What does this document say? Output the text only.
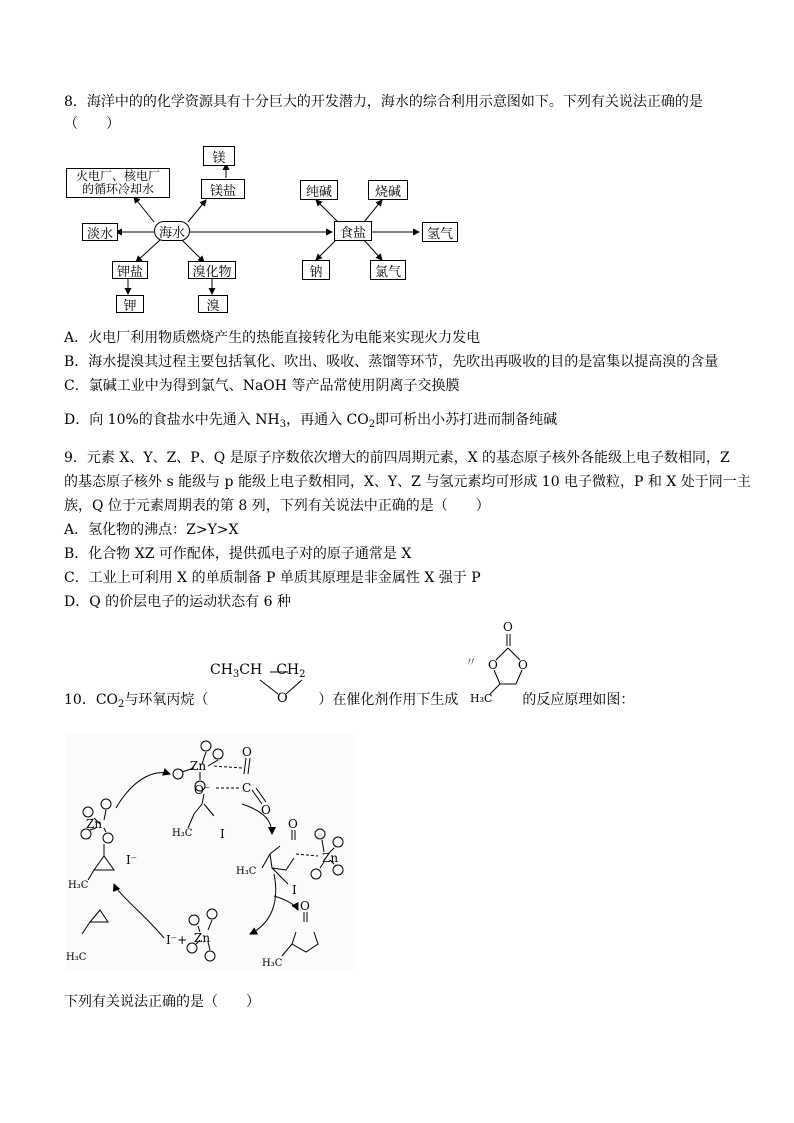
8．海洋中的的化学资源具有十分巨大的开发潜力，海水的综合利用示意图如下。下列有关说法正确的是
（　　）
镁
火电厂、核电厂
的循环冷却水	镁盐
海水
淡水
钾盐	溴化物
钾	溴
食盐
纯碱	烧碱
氢气
钠	氯气
A．火电厂利用物质燃烧产生的热能直接转化为电能来实现火力发电
B．海水提溴其过程主要包括氧化、吹出、吸收、蒸馏等环节，先吹出再吸收的目的是富集以提高溴的含量
C．氯碱工业中为得到氯气、NaOH 等产品常使用阴离子交换膜
D．向 10%的食盐水中先通入 $NH_3$，再通入 $CO_2$即可析出小苏打进而制备纯碱
9．元素 X、Y、Z、P、Q 是原子序数依次增大的前四周期元素，X 的基态原子核外各能级上电子数相同，Z
的基态原子核外 s 能级与 p 能级上电子数相同，X、Y、Z 与氢元素均可形成 10 电子微粒，P 和 X 处于同一主
族，Q 位于元素周期表的第 8 列，下列有关说法中正确的是（　　）
A．氢化物的沸点：Z>Y>X
B．化合物 XZ 可作配体，提供孤电子对的原子通常是 X
C．工业上可利用 X 的单质制备 P 单质其原理是非金属性 X 强于 P
D．Q 的价层电子的运动状态有 6 种
$CH_3CH$ $CH_2$
O
O
O O
H₃C
〃
10．$CO_2$与环氧丙烷（	）在催化剂作用下生成	的反应原理如图：
Zn
O⁻	C
O
O
H₃C I
Zn
I⁻
H₃C
Zn
O
H₃C
I
O
H₃C
I⁻+ Zn
H₃C
下列有关说法正确的是（　　）
